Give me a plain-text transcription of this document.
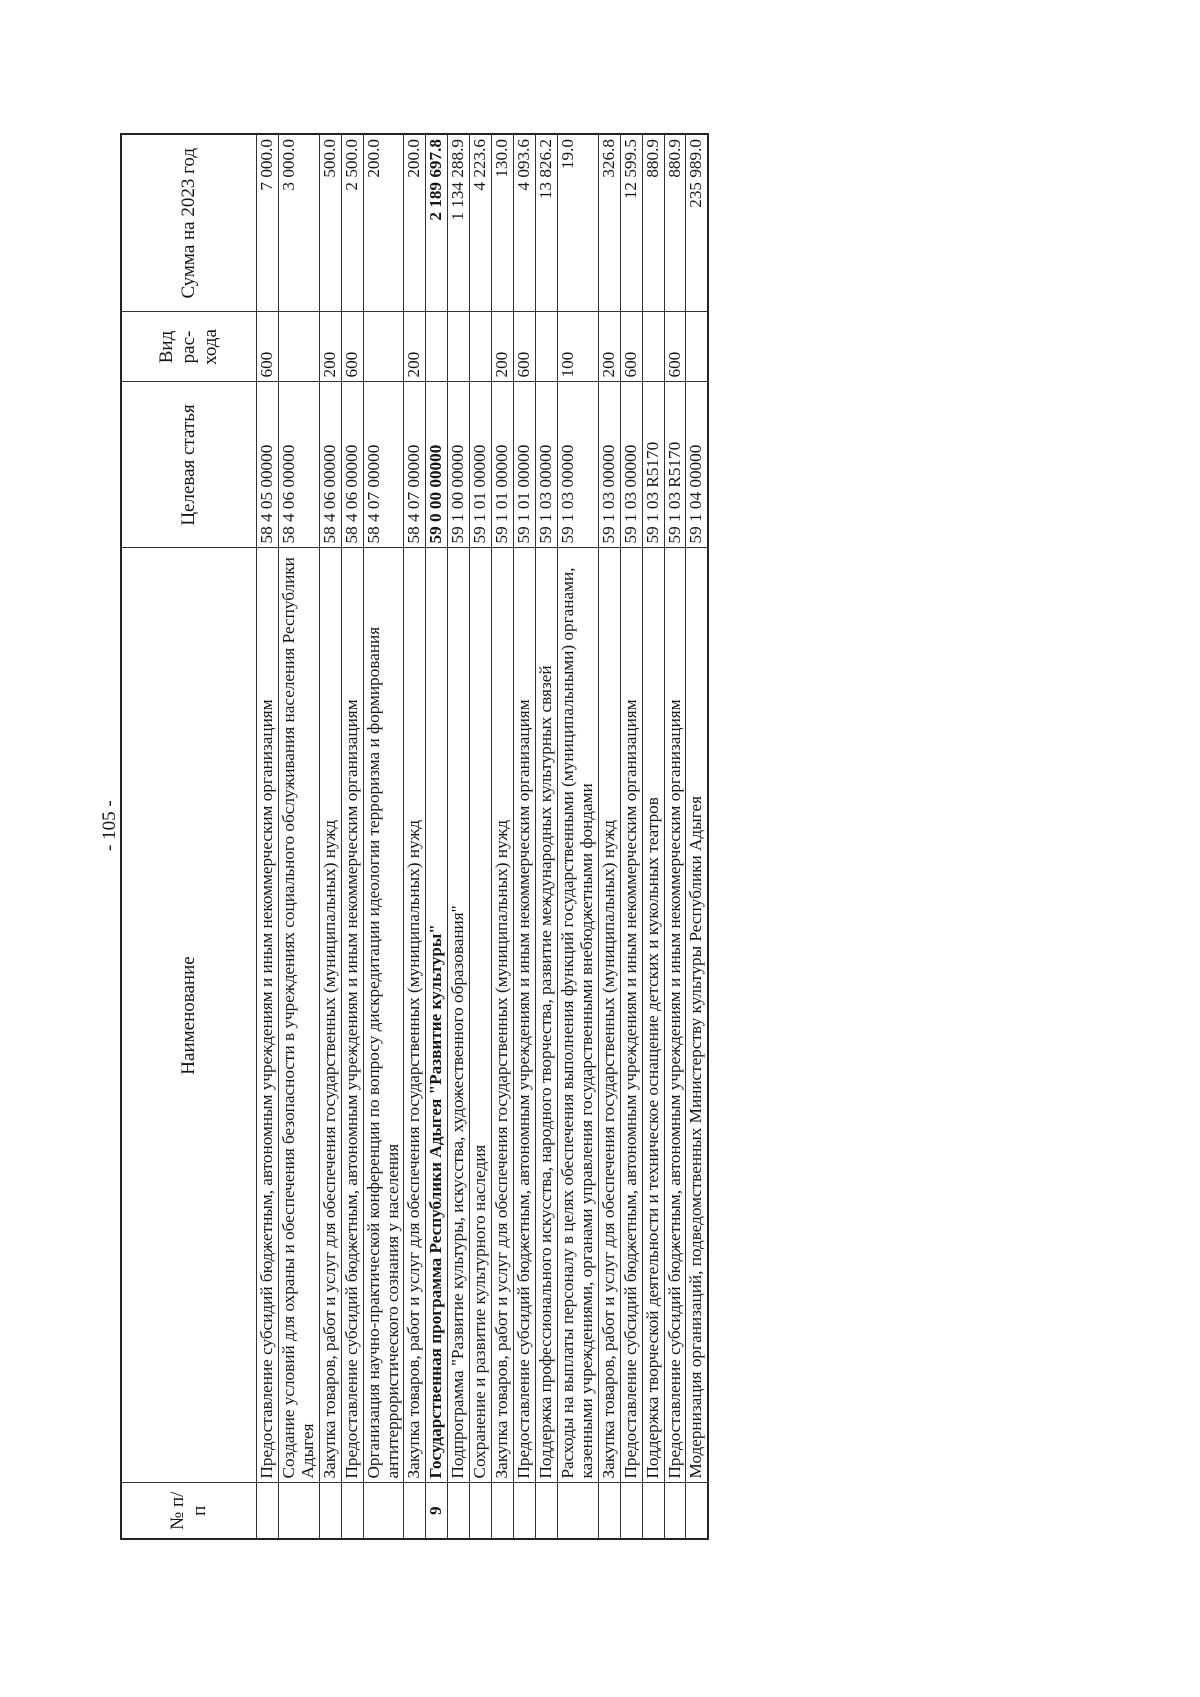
- 105 -
№ п/п	Наименование	Целевая статья	Вид рас- хода	Сумма на 2023 год
	Предоставление субсидий бюджетным, автономным учреждениям и иным некоммерческим организациям	58 4 05 00000	600	7 000.0
	Создание условий для охраны и обеспечения безопасности в учреждениях социального обслуживания населения Республики Адыгея	58 4 06 00000		3 000.0
	Закупка товаров, работ и услуг для обеспечения государственных (муниципальных) нужд	58 4 06 00000	200	500.0
	Предоставление субсидий бюджетным, автономным учреждениям и иным некоммерческим организациям	58 4 06 00000	600	2 500.0
	Организация научно-практической конференции по вопросу дискредитации идеологии терроризма и формирования антитеррористического сознания у населения	58 4 07 00000		200.0
	Закупка товаров, работ и услуг для обеспечения государственных (муниципальных) нужд	58 4 07 00000	200	200.0
9	Государственная программа Республики Адыгея "Развитие культуры"	59 0 00 00000		2 189 697.8
	Подпрограмма "Развитие культуры, искусства, художественного образования"	59 1 00 00000		1 134 288.9
	Сохранение и развитие культурного наследия	59 1 01 00000		4 223.6
	Закупка товаров, работ и услуг для обеспечения государственных (муниципальных) нужд	59 1 01 00000	200	130.0
	Предоставление субсидий бюджетным, автономным учреждениям и иным некоммерческим организациям	59 1 01 00000	600	4 093.6
	Поддержка профессионального искусства, народного творчества, развитие международных культурных связей	59 1 03 00000		13 826.2
	Расходы на выплаты персоналу в целях обеспечения выполнения функций государственными (муниципальными) органами, казенными учреждениями, органами управления государственными внебюджетными фондами	59 1 03 00000	100	19.0
	Закупка товаров, работ и услуг для обеспечения государственных (муниципальных) нужд	59 1 03 00000	200	326.8
	Предоставление субсидий бюджетным, автономным учреждениям и иным некоммерческим организациям	59 1 03 00000	600	12 599.5
	Поддержка творческой деятельности и техническое оснащение детских и кукольных театров	59 1 03 R5170		880.9
	Предоставление субсидий бюджетным, автономным учреждениям и иным некоммерческим организациям	59 1 03 R5170	600	880.9
	Модернизация организаций, подведомственных Министерству культуры Республики Адыгея	59 1 04 00000		235 989.0
